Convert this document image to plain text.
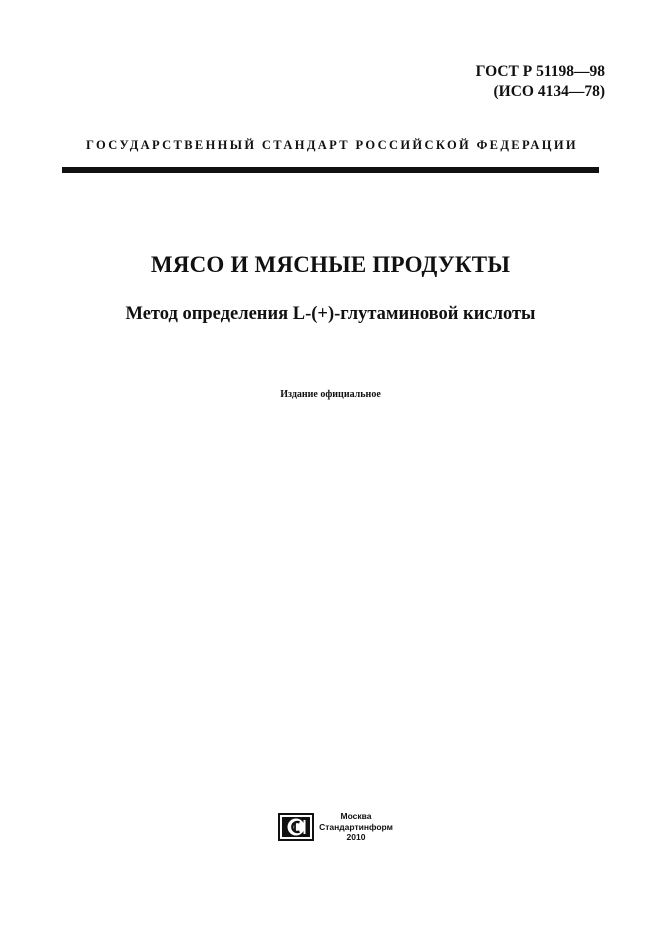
ГОСТ Р 51198—98
(ИСО 4134—78)
ГОСУДАРСТВЕННЫЙ СТАНДАРТ РОССИЙСКОЙ ФЕДЕРАЦИИ
МЯСО И МЯСНЫЕ ПРОДУКТЫ
Метод определения L-(+)-глутаминовой кислоты
Издание официальное
Москва
Стандартинформ
2010
